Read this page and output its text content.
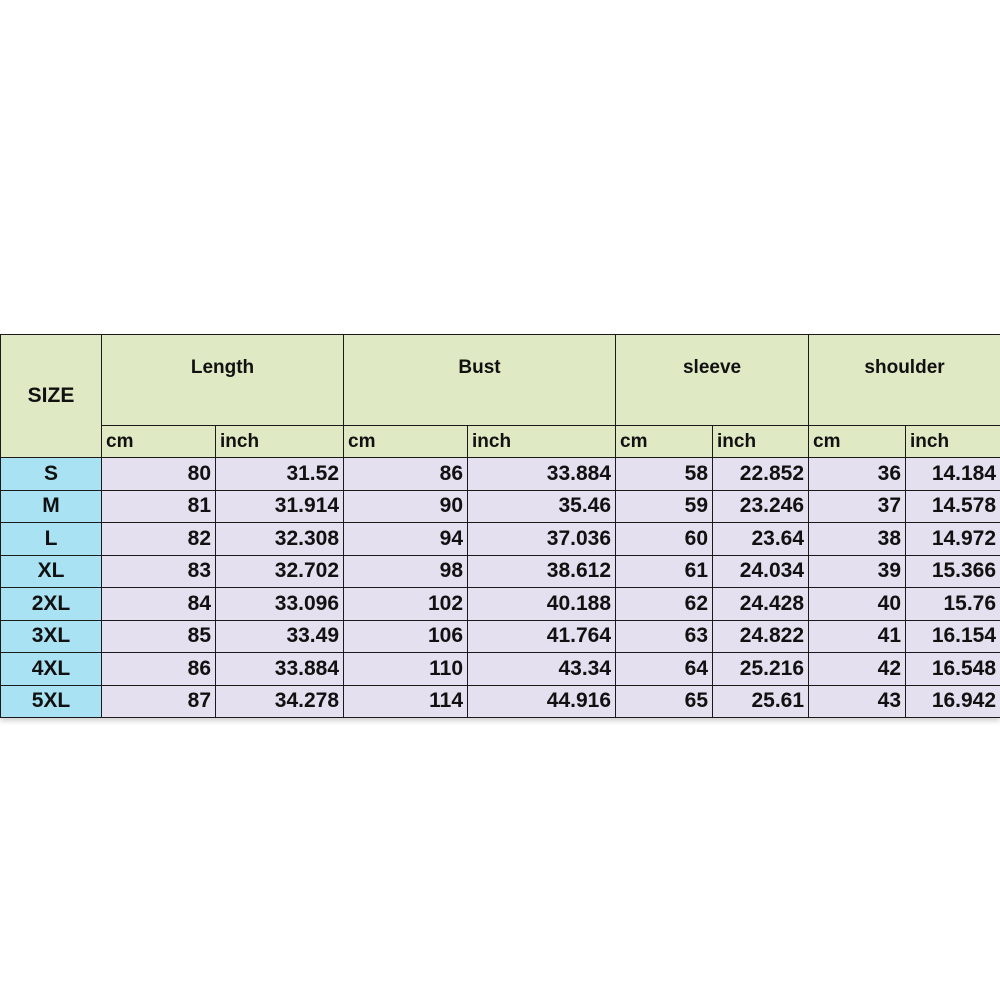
SIZE	Length		Bust		sleeve		shoulder	
	cm	inch	cm	inch	cm	inch	cm	inch
S	80	31.52	86	33.884	58	22.852	36	14.184
M	81	31.914	90	35.46	59	23.246	37	14.578
L	82	32.308	94	37.036	60	23.64	38	14.972
XL	83	32.702	98	38.612	61	24.034	39	15.366
2XL	84	33.096	102	40.188	62	24.428	40	15.76
3XL	85	33.49	106	41.764	63	24.822	41	16.154
4XL	86	33.884	110	43.34	64	25.216	42	16.548
5XL	87	34.278	114	44.916	65	25.61	43	16.942
